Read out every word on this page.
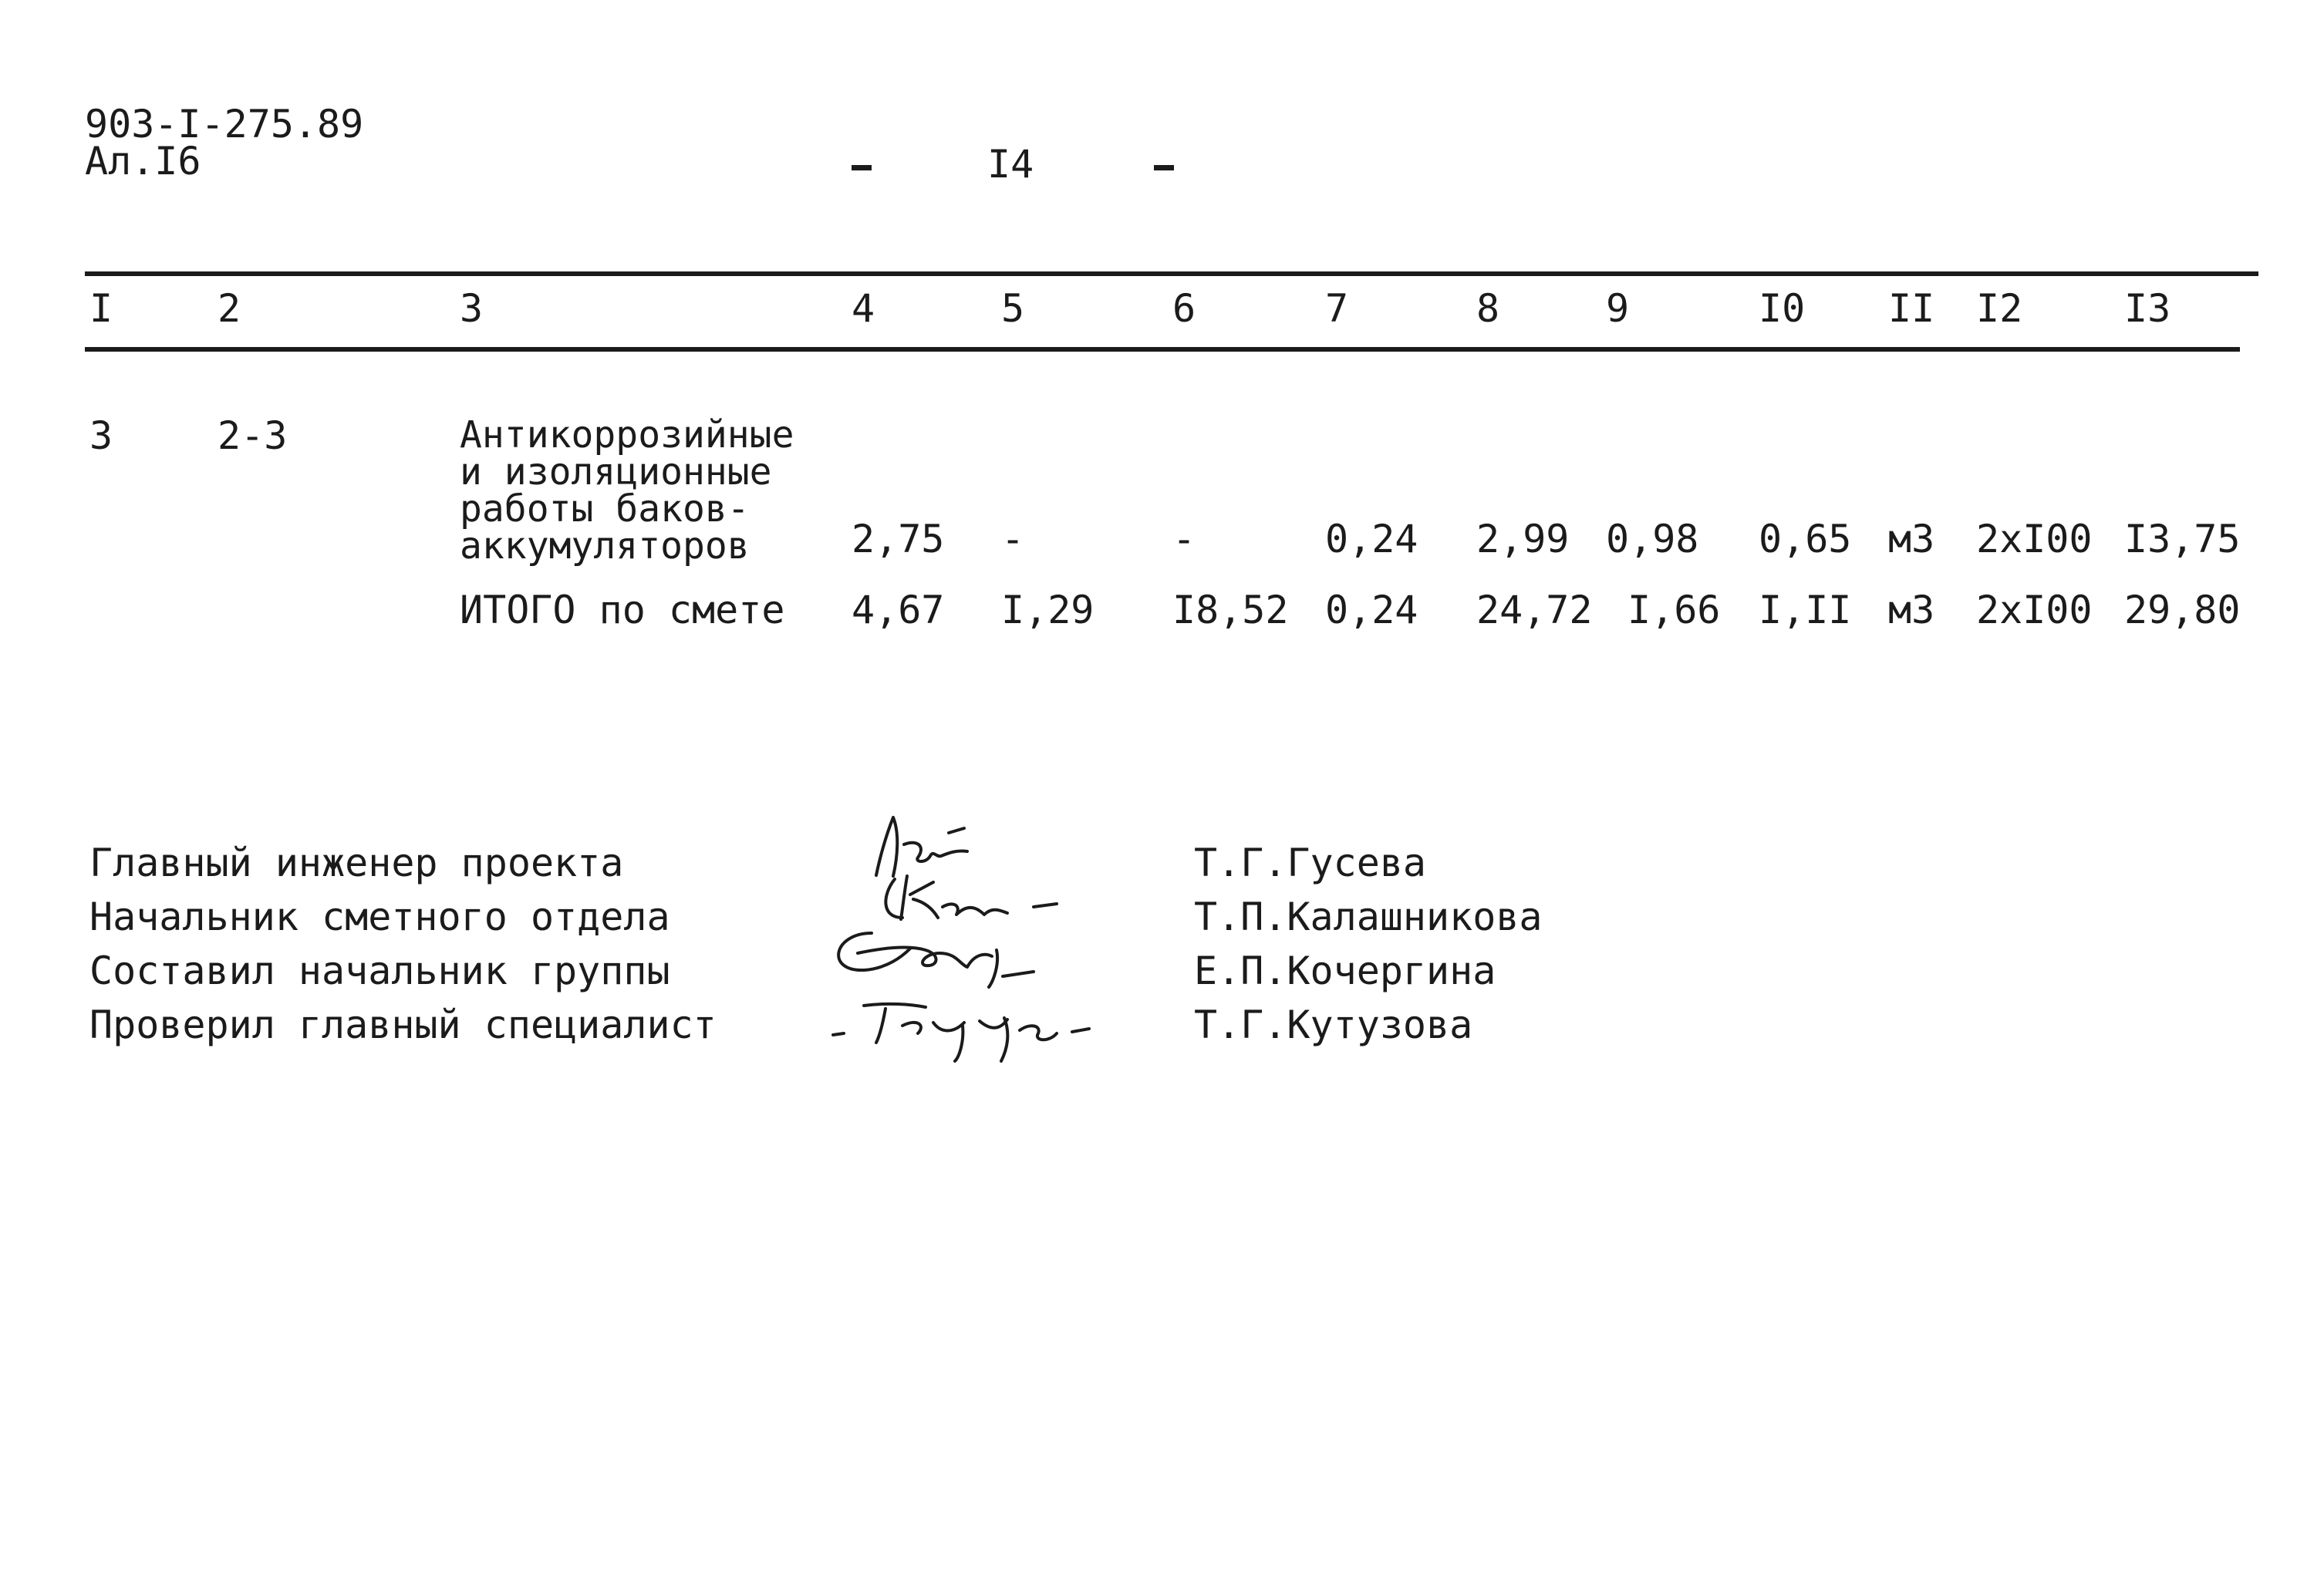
903-I-275.89
Ал.I6	I4
I	2	3	4	5	6	7	8	9	I0 II I2	I3
3	2-3	Антикоррозийные
и изоляционные
работы баков-
аккумуляторов	2,75 -	-	0,24 2,99 0,98 0,65 м3 2хI00 I3,75
ИТОГО по смете 4,67 I,29 I8,52 0,24 24,72 I,66 I,II м3 2хI00 29,80
Главный инженер проекта	Т.Г.Гусева
Начальник сметного отдела	Т.П.Калашникова
Составил начальник группы	Е.П.Кочергина
Проверил главный специалист	Т.Г.Кутузова
